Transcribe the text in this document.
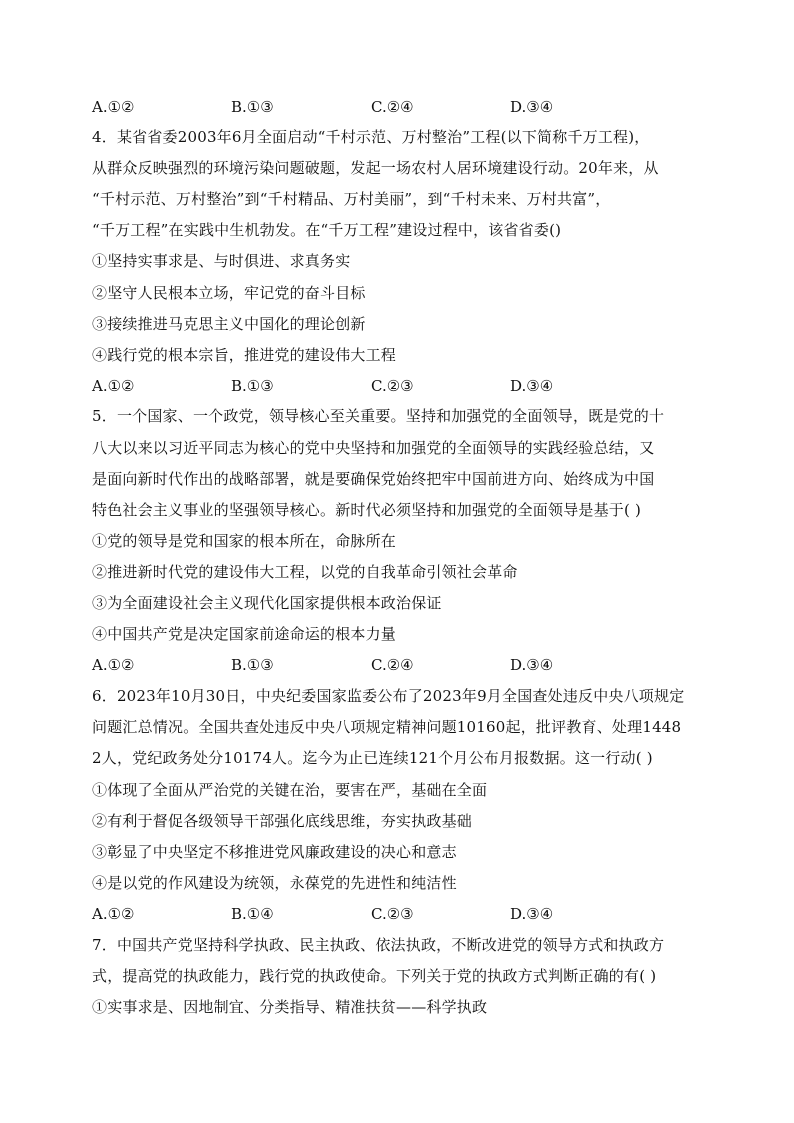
A.①②	B.①③	C.②④	D.③④
4．某省省委2003年6月全面启动“千村示范、万村整治”工程(以下简称千万工程)，
从群众反映强烈的环境污染问题破题，发起一场农村人居环境建设行动。20年来，从
“千村示范、万村整治”到“千村精品、万村美丽”，到“千村未来、万村共富”，
“千万工程”在实践中生机勃发。在“千万工程”建设过程中，该省省委()
①坚持实事求是、与时俱进、求真务实
②坚守人民根本立场，牢记党的奋斗目标
③接续推进马克思主义中国化的理论创新
④践行党的根本宗旨，推进党的建设伟大工程
A.①②	B.①③	C.②③	D.③④
5．一个国家、一个政党，领导核心至关重要。坚持和加强党的全面领导，既是党的十
八大以来以习近平同志为核心的党中央坚持和加强党的全面领导的实践经验总结，又
是面向新时代作出的战略部署，就是要确保党始终把牢中国前进方向、始终成为中国
特色社会主义事业的坚强领导核心。新时代必须坚持和加强党的全面领导是基于( )
①党的领导是党和国家的根本所在，命脉所在
②推进新时代党的建设伟大工程，以党的自我革命引领社会革命
③为全面建设社会主义现代化国家提供根本政治保证
④中国共产党是决定国家前途命运的根本力量
A.①②	B.①③	C.②④	D.③④
6．2023年10月30日，中央纪委国家监委公布了2023年9月全国查处违反中央八项规定
问题汇总情况。全国共查处违反中央八项规定精神问题10160起，批评教育、处理1448
2人，党纪政务处分10174人。迄今为止已连续121个月公布月报数据。这一行动( )
①体现了全面从严治党的关键在治，要害在严，基础在全面
②有利于督促各级领导干部强化底线思维，夯实执政基础
③彰显了中央坚定不移推进党风廉政建设的决心和意志
④是以党的作风建设为统领，永葆党的先进性和纯洁性
A.①②	B.①④	C.②③	D.③④
7．中国共产党坚持科学执政、民主执政、依法执政，不断改进党的领导方式和执政方
式，提高党的执政能力，践行党的执政使命。下列关于党的执政方式判断正确的有( )
①实事求是、因地制宜、分类指导、精准扶贫——科学执政
